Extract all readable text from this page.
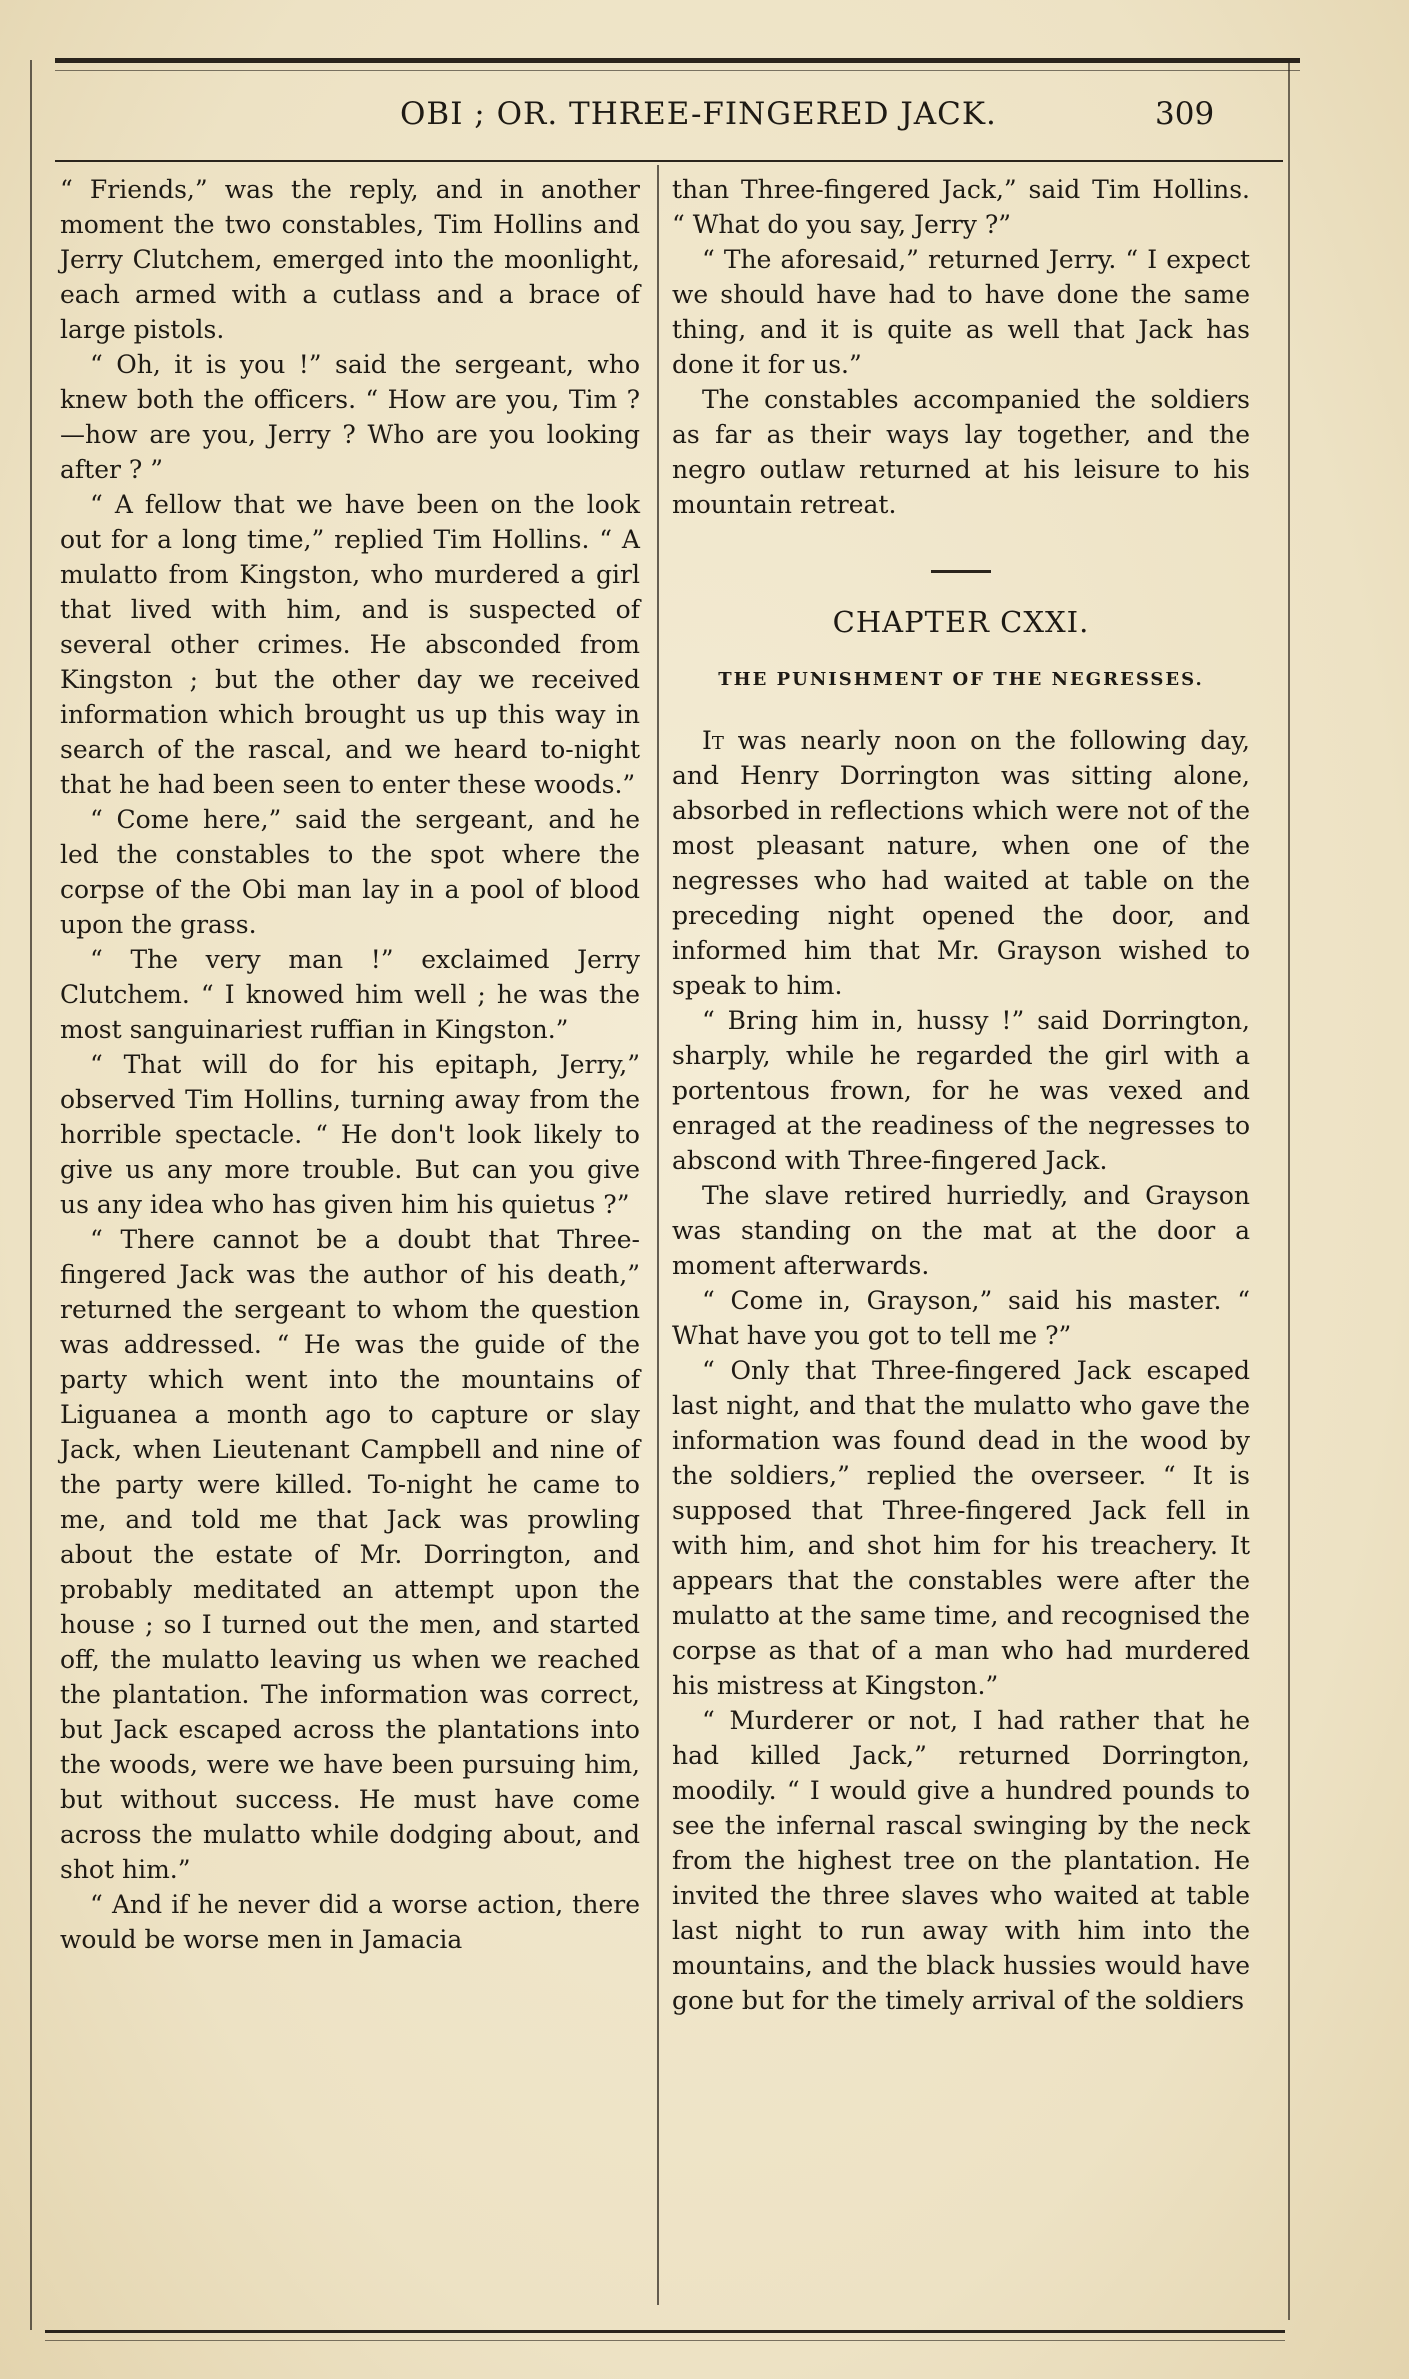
OBI ; OR. THREE-FINGERED JACK.	309

“ Friends,” was the reply, and in another moment the two constables, Tim Hollins and Jerry Clutchem, emerged into the moonlight, each armed with a cutlass and a brace of large pistols.

“ Oh, it is you !” said the sergeant, who knew both the officers. “ How are you, Tim ?—how are you, Jerry ? Who are you looking after ? ”

“ A fellow that we have been on the look out for a long time,” replied Tim Hollins. “ A mulatto from Kingston, who murdered a girl that lived with him, and is suspected of several other crimes. He absconded from Kingston ; but the other day we received information which brought us up this way in search of the rascal, and we heard to-night that he had been seen to enter these woods.”

“ Come here,” said the sergeant, and he led the constables to the spot where the corpse of the Obi man lay in a pool of blood upon the grass.

“ The very man !” exclaimed Jerry Clutchem. “ I knowed him well ; he was the most sanguinariest ruffian in Kingston.”

“ That will do for his epitaph, Jerry,” observed Tim Hollins, turning away from the horrible spectacle. “ He don't look likely to give us any more trouble. But can you give us any idea who has given him his quietus ?”

“ There cannot be a doubt that Three-fingered Jack was the author of his death,” returned the sergeant to whom the question was addressed. “ He was the guide of the party which went into the mountains of Liguanea a month ago to capture or slay Jack, when Lieutenant Campbell and nine of the party were killed. To-night he came to me, and told me that Jack was prowling about the estate of Mr. Dorrington, and probably meditated an attempt upon the house ; so I turned out the men, and started off, the mulatto leaving us when we reached the plantation. The information was correct, but Jack escaped across the plantations into the woods, were we have been pursuing him, but without success. He must have come across the mulatto while dodging about, and shot him.”

“ And if he never did a worse action, there would be worse men in Jamacia

than Three-fingered Jack,” said Tim Hollins. “ What do you say, Jerry ?”

“ The aforesaid,” returned Jerry. “ I expect we should have had to have done the same thing, and it is quite as well that Jack has done it for us.”

The constables accompanied the soldiers as far as their ways lay together, and the negro outlaw returned at his leisure to his mountain retreat.

CHAPTER CXXI.
THE PUNISHMENT OF THE NEGRESSES.

It was nearly noon on the following day, and Henry Dorrington was sitting alone, absorbed in reflections which were not of the most pleasant nature, when one of the negresses who had waited at table on the preceding night opened the door, and informed him that Mr. Grayson wished to speak to him.

“ Bring him in, hussy !” said Dorrington, sharply, while he regarded the girl with a portentous frown, for he was vexed and enraged at the readiness of the negresses to abscond with Three-fingered Jack.

The slave retired hurriedly, and Grayson was standing on the mat at the door a moment afterwards.

“ Come in, Grayson,” said his master. “ What have you got to tell me ?”

“ Only that Three-fingered Jack escaped last night, and that the mulatto who gave the information was found dead in the wood by the soldiers,” replied the overseer. “ It is supposed that Three-fingered Jack fell in with him, and shot him for his treachery. It appears that the constables were after the mulatto at the same time, and recognised the corpse as that of a man who had murdered his mistress at Kingston.”

“ Murderer or not, I had rather that he had killed Jack,” returned Dorrington, moodily. “ I would give a hundred pounds to see the infernal rascal swinging by the neck from the highest tree on the plantation. He invited the three slaves who waited at table last night to run away with him into the mountains, and the black hussies would have gone but for the timely arrival of the soldiers
